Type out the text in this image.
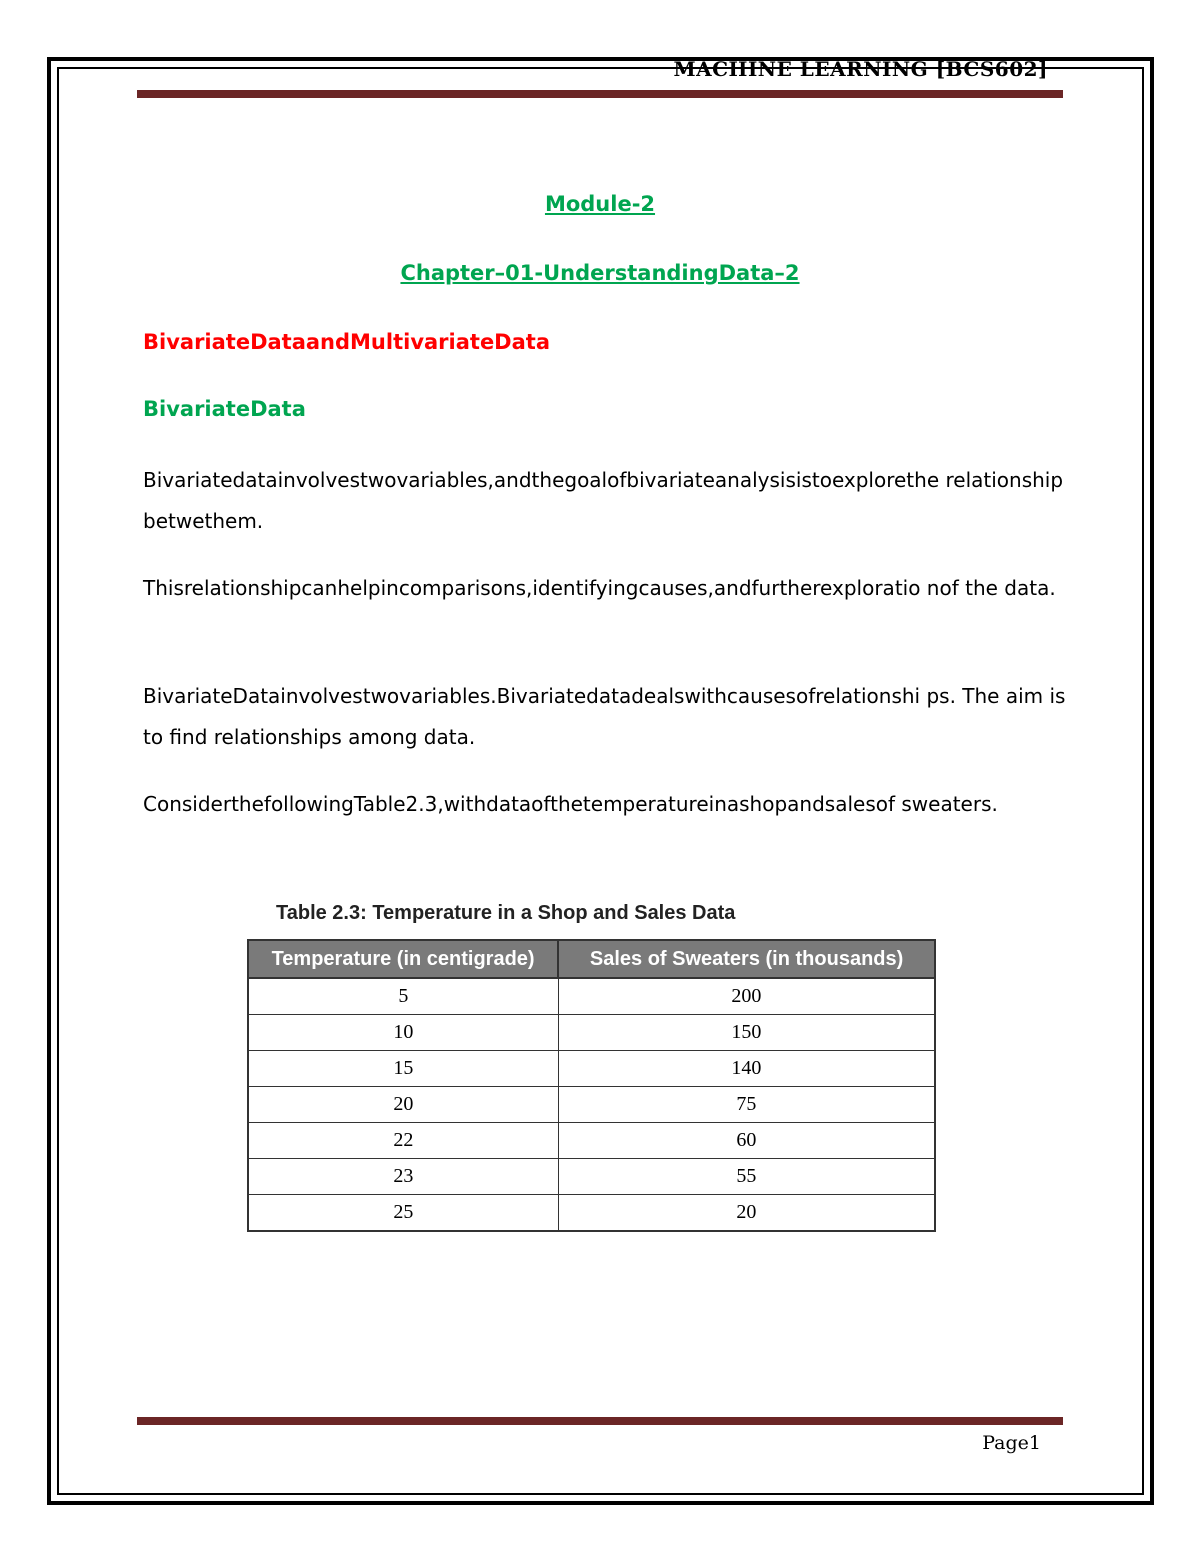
MACHINE LEARNING [BCS602]

Module-2

Chapter–01-UnderstandingData–2

BivariateDataandMultivariateData

BivariateData

Bivariatedatainvolvestwovariables,andthegoalofbivariateanalysisistoexplorethe relationship betwethem.

Thisrelationshipcanhelpincomparisons,identifyingcauses,andfurtherexploratio nof the data.

BivariateDatainvolvestwovariables.Bivariatedatadealswithcausesofrelationshi ps. The aim is to find relationships among data.

ConsiderthefollowingTable2.3,withdataofthetemperatureinashopandsalesof sweaters.

Table 2.3: Temperature in a Shop and Sales Data

Temperature (in centigrade)	Sales of Sweaters (in thousands)
5	200
10	150
15	140
20	75
22	60
23	55
25	20

Page1
